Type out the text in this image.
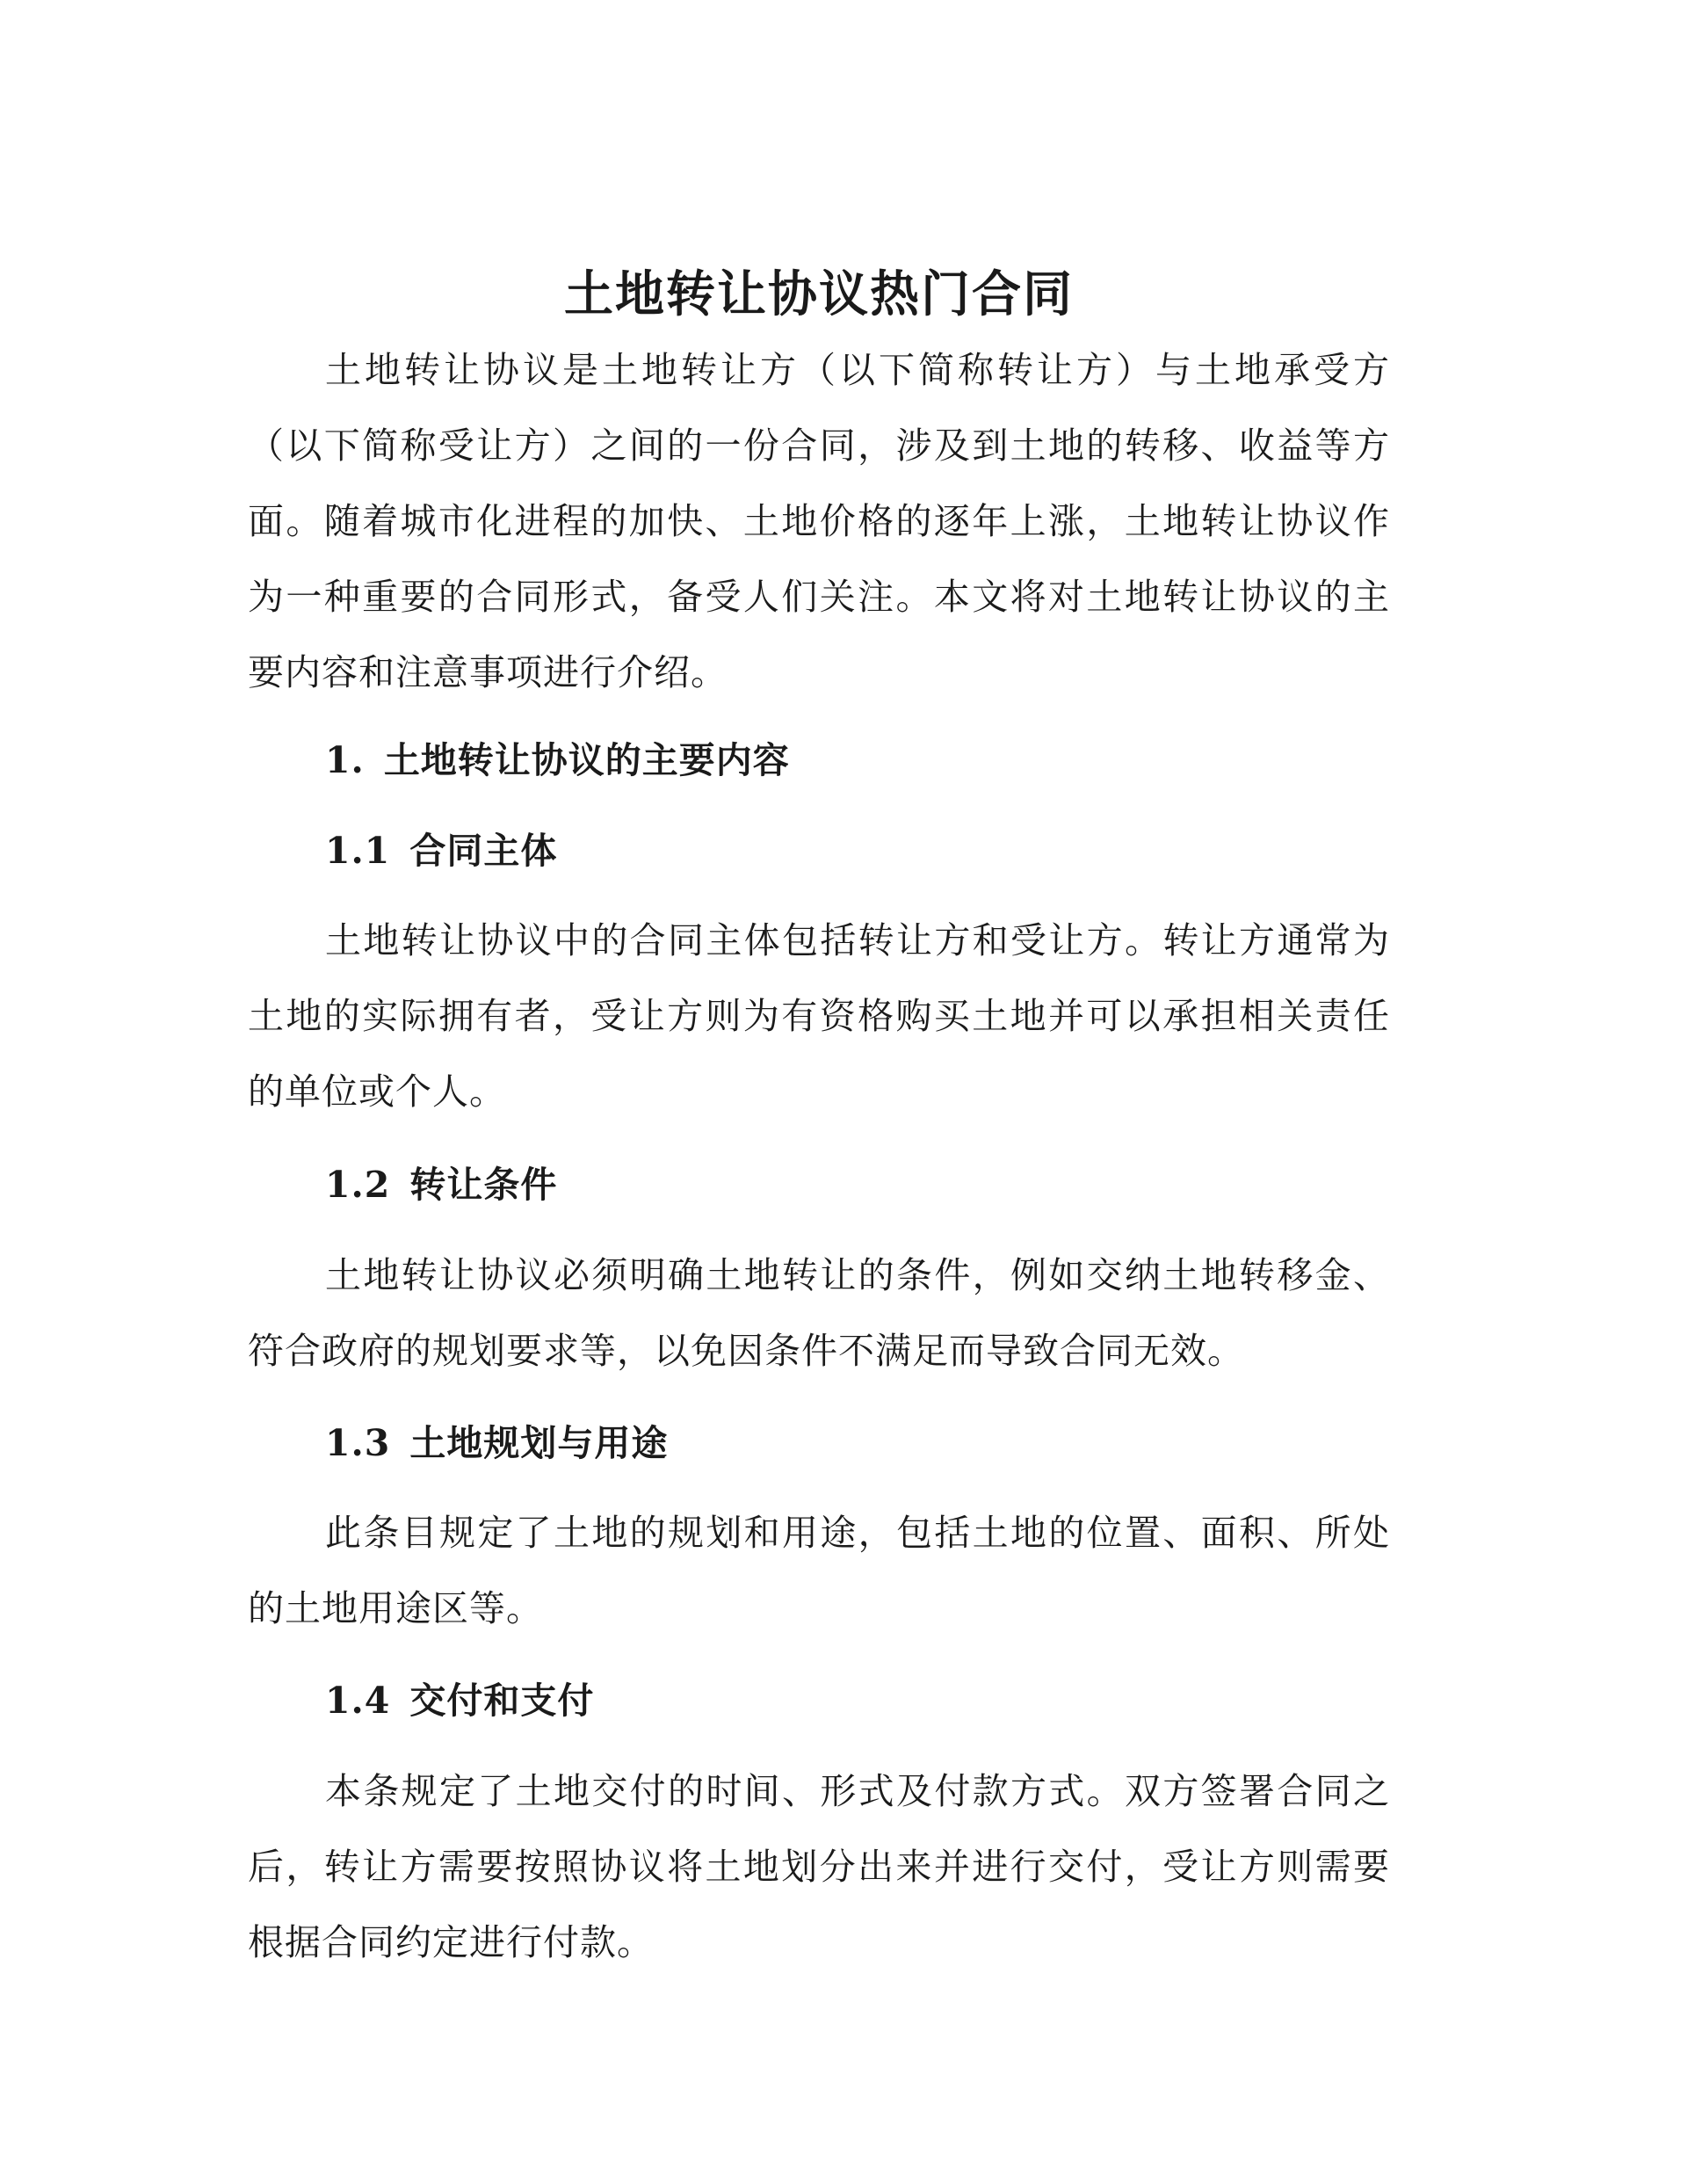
土地转让协议热门合同

土地转让协议是土地转让方（以下简称转让方）与土地承受方（以下简称受让方）之间的一份合同，涉及到土地的转移、收益等方面。随着城市化进程的加快、土地价格的逐年上涨，土地转让协议作为一种重要的合同形式，备受人们关注。本文将对土地转让协议的主要内容和注意事项进行介绍。

1. 土地转让协议的主要内容
1.1 合同主体

土地转让协议中的合同主体包括转让方和受让方。转让方通常为土地的实际拥有者，受让方则为有资格购买土地并可以承担相关责任的单位或个人。

1.2 转让条件

土地转让协议必须明确土地转让的条件，例如交纳土地转移金、符合政府的规划要求等，以免因条件不满足而导致合同无效。

1.3 土地规划与用途

此条目规定了土地的规划和用途，包括土地的位置、面积、所处的土地用途区等。

1.4 交付和支付

本条规定了土地交付的时间、形式及付款方式。双方签署合同之后，转让方需要按照协议将土地划分出来并进行交付，受让方则需要根据合同约定进行付款。
